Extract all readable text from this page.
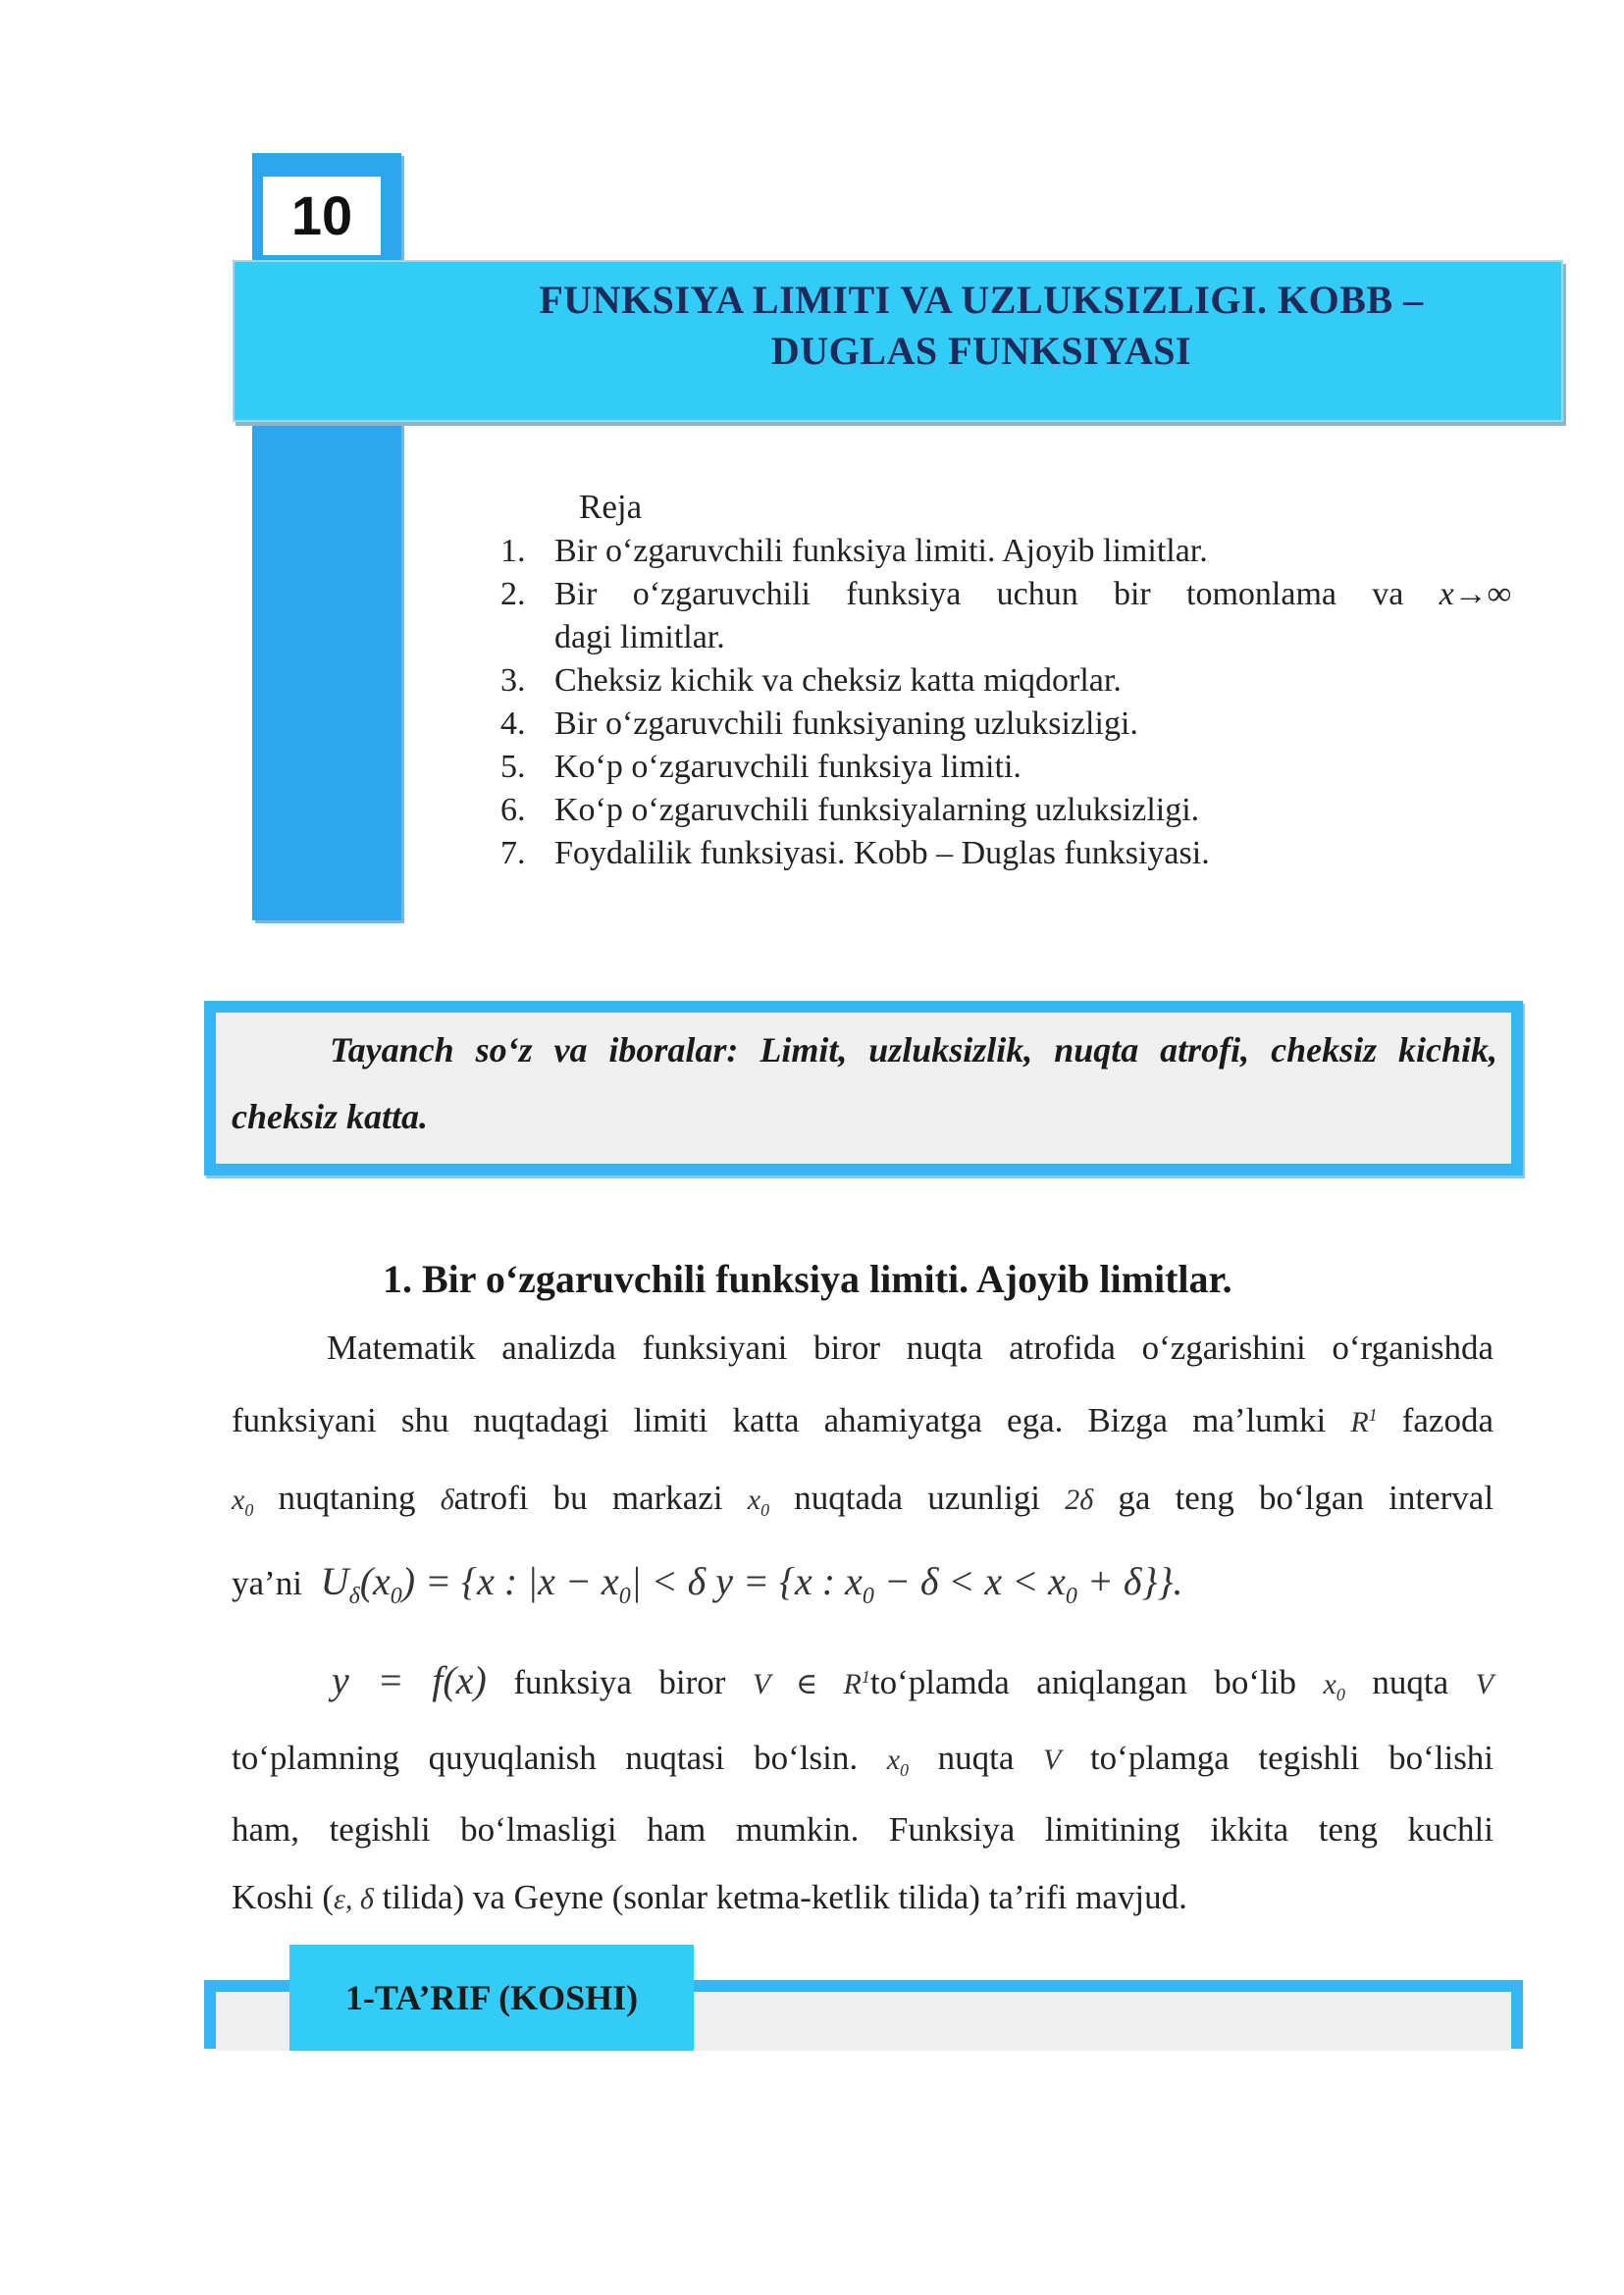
10
FUNKSIYA LIMITI VA UZLUKSIZLIGI. KOBB – DUGLAS FUNKSIYASI
Reja
1. Bir o‘zgaruvchili funksiya limiti. Ajoyib limitlar.
2. Bir o‘zgaruvchili funksiya uchun bir tomonlama va x→∞
dagi limitlar.
3. Cheksiz kichik va cheksiz katta miqdorlar.
4. Bir o‘zgaruvchili funksiyaning uzluksizligi.
5. Ko‘p o‘zgaruvchili funksiya limiti.
6. Ko‘p o‘zgaruvchili funksiyalarning uzluksizligi.
7. Foydalilik funksiyasi. Kobb – Duglas funksiyasi.
Tayanch so‘z va iboralar: Limit, uzluksizlik, nuqta atrofi, cheksiz kichik, cheksiz katta.
1. Bir o‘zgaruvchili funksiya limiti. Ajoyib limitlar.
Matematik analizda funksiyani biror nuqta atrofida o‘zgarishini o‘rganishda
funksiyani shu nuqtadagi limiti katta ahamiyatga ega. Bizga ma’lumki $R^1$ fazoda
$x_0$ nuqtaning δatrofi bu markazi $x_0$ nuqtada uzunligi 2δ ga teng bo‘lgan interval
ya’ni  $U_\delta(x_0) = \{x$ : $|x - x_0| < \delta$ y = {x : $x_0 - \delta < x < x_0 + \delta$}}.
y = f(x) funksiya biror V ∈ $R^1to‘plamda$ aniqlangan bo‘lib $x_0$ nuqta V
to‘plamning quyuqlanish nuqtasi bo‘lsin. $x_0$ nuqta V to‘plamga tegishli bo‘lishi
ham, tegishli bo‘lmasligi ham mumkin. Funksiya limitining ikkita teng kuchli
Koshi (ε, δ tilida) va Geyne (sonlar ketma-ketlik tilida) ta’rifi mavjud.
1-TA’RIF (KOSHI)
